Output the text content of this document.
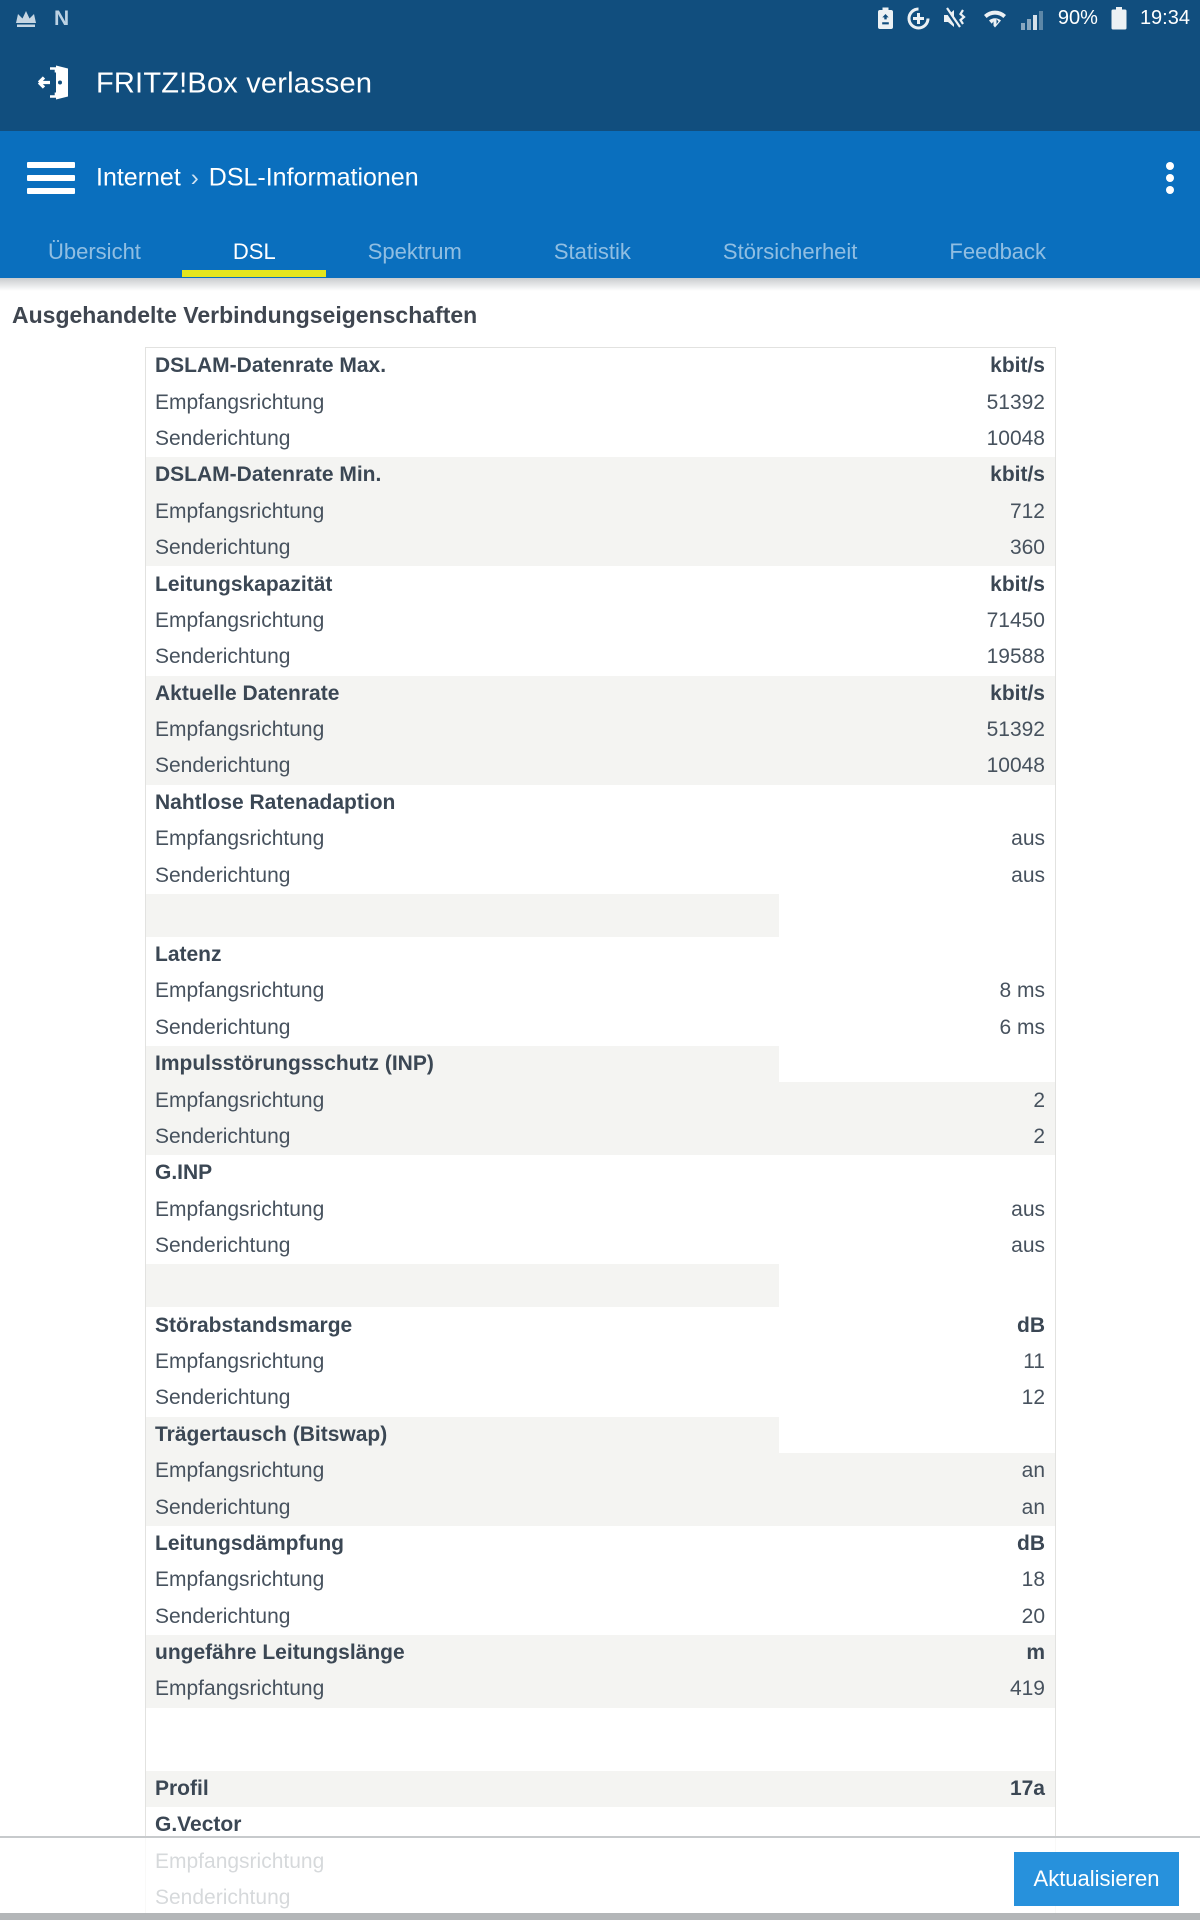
N	90% 19:34
FRITZ!Box verlassen
Internet › DSL-Informationen
Übersicht	DSL	Spektrum	Statistik	Störsicherheit	Feedback
Ausgehandelte Verbindungseigenschaften
DSLAM-Datenrate Max.	kbit/s
Empfangsrichtung	51392
Senderichtung	10048
DSLAM-Datenrate Min.	kbit/s
Empfangsrichtung	712
Senderichtung	360
Leitungskapazität	kbit/s
Empfangsrichtung	71450
Senderichtung	19588
Aktuelle Datenrate	kbit/s
Empfangsrichtung	51392
Senderichtung	10048
Nahtlose Ratenadaption
Empfangsrichtung	aus
Senderichtung	aus
Latenz
Empfangsrichtung	8 ms
Senderichtung	6 ms
Impulsstörungsschutz (INP)
Empfangsrichtung	2
Senderichtung	2
G.INP
Empfangsrichtung	aus
Senderichtung	aus
Störabstandsmarge	dB
Empfangsrichtung	11
Senderichtung	12
Trägertausch (Bitswap)
Empfangsrichtung	an
Senderichtung	an
Leitungsdämpfung	dB
Empfangsrichtung	18
Senderichtung	20
ungefähre Leitungslänge	m
Empfangsrichtung	419
Profil	17a
G.Vector
Aktualisieren
